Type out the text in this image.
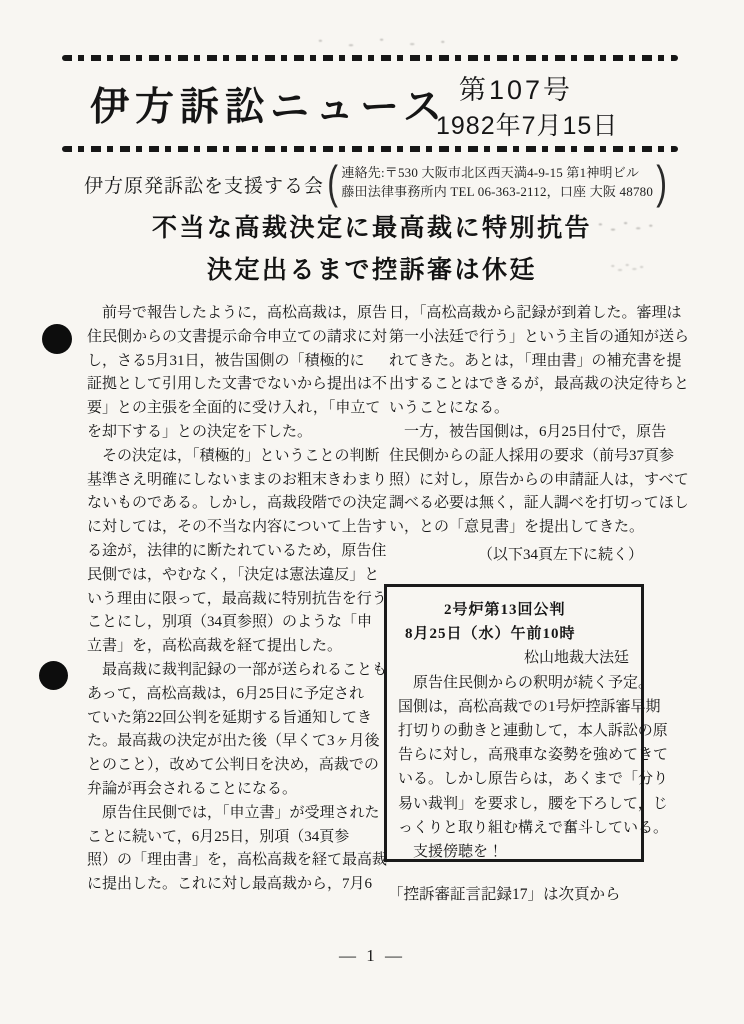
伊方訴訟ニュース 第107号
1982年7月15日
伊方原発訴訟を支援する会 ( 連絡先:〒530 大阪市北区西天満4-9-15 第1神明ビル
藤田法律事務所内 TEL 06-363-2112，口座 大阪 48780 )
不当な高裁決定に最高裁に特別抗告
決定出るまで控訴審は休廷
　前号で報告したように，高松高裁は，原告
住民側からの文書提示命令申立ての請求に対
し，さる5月31日，被告国側の「積極的に
証拠として引用した文書でないから提出は不
要」との主張を全面的に受け入れ，「申立て
を却下する」との決定を下した。
　その決定は，「積極的」ということの判断
基準さえ明確にしないままのお粗末きわまり
ないものである。しかし，高裁段階での決定
に対しては，その不当な内容について上告す
る途が，法律的に断たれているため，原告住
民側では，やむなく，「決定は憲法違反」と
いう理由に限って，最高裁に特別抗告を行う
ことにし，別項（34頁参照）のような「申
立書」を，高松高裁を経て提出した。
　最高裁に裁判記録の一部が送られることも
あって，高松高裁は，6月25日に予定され
ていた第22回公判を延期する旨通知してき
た。最高裁の決定が出た後（早くて3ヶ月後
とのこと），改めて公判日を決め，高裁での
弁論が再会されることになる。
　原告住民側では，「申立書」が受理された
ことに続いて，6月25日，別項（34頁参
照）の「理由書」を，高松高裁を経て最高裁
に提出した。これに対し最高裁から，7月6
日，「高松高裁から記録が到着した。審理は
第一小法廷で行う」という主旨の通知が送ら
れてきた。あとは，「理由書」の補充書を提
出することはできるが，最高裁の決定待ちと
いうことになる。
　一方，被告国側は，6月25日付で，原告
住民側からの証人採用の要求（前号37頁参
照）に対し，原告からの申請証人は，すべて
調べる必要は無く，証人調べを打切ってほし
い，との「意見書」を提出してきた。
（以下34頁左下に続く）
2号炉第13回公判
8月25日（水）午前10時
松山地裁大法廷
　原告住民側からの釈明が続く予定。
国側は，高松高裁での1号炉控訴審早期
打切りの動きと連動して，本人訴訟の原
告らに対し，高飛車な姿勢を強めてきて
いる。しかし原告らは，あくまで「分り
易い裁判」を要求し，腰を下ろして，じ
っくりと取り組む構えで奮斗している。
　支援傍聴を！
「控訴審証言記録17」は次頁から
― 1 ―
